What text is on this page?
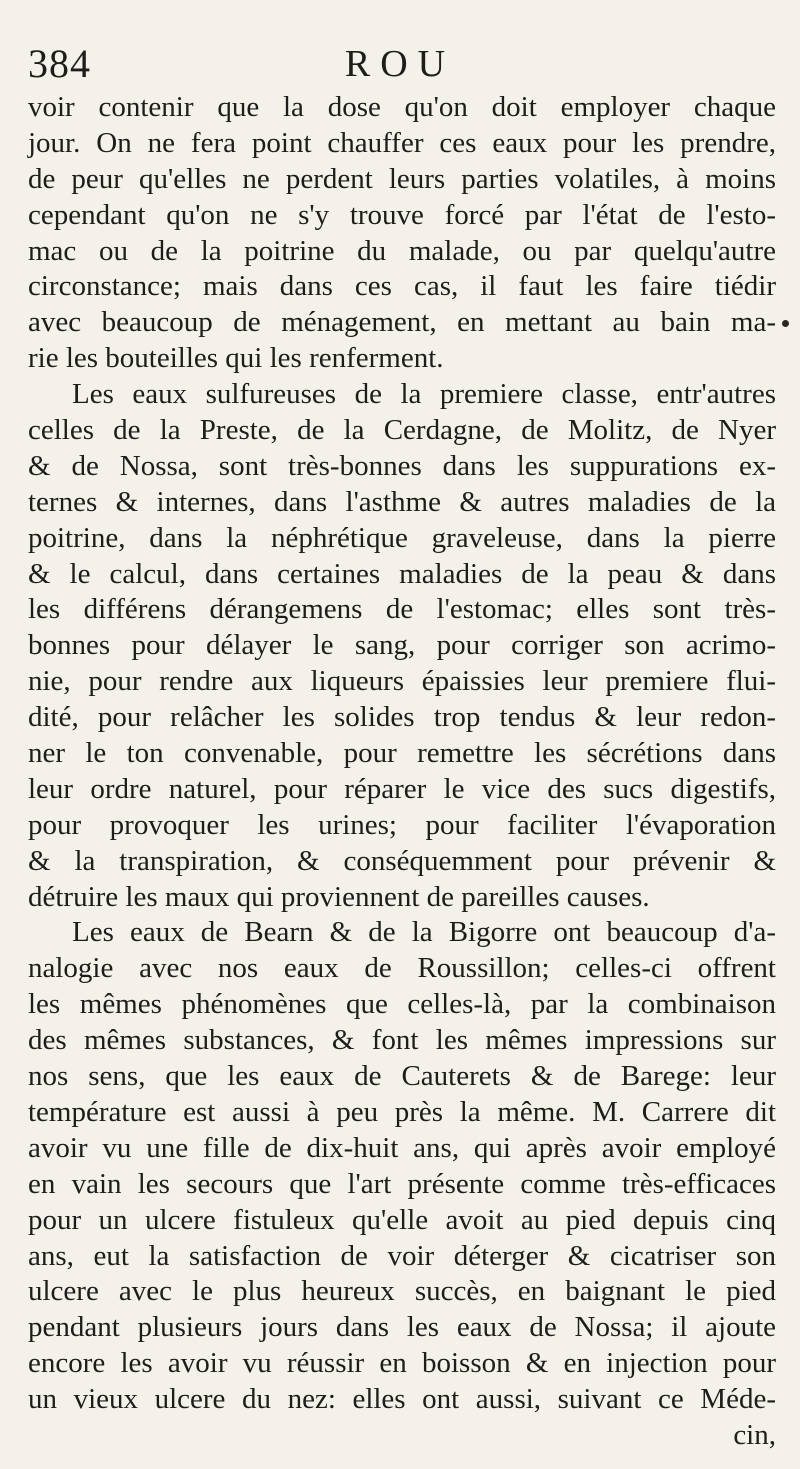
384	ROU
voir contenir que la dose qu'on doit employer chaque
jour. On ne fera point chauffer ces eaux pour les prendre,
de peur qu'elles ne perdent leurs parties volatiles, à moins
cependant qu'on ne s'y trouve forcé par l'état de l'esto-
mac ou de la poitrine du malade, ou par quelqu'autre
circonstance; mais dans ces cas, il faut les faire tiédir
avec beaucoup de ménagement, en mettant au bain ma-
rie les bouteilles qui les renferment.
Les eaux sulfureuses de la premiere classe, entr'autres
celles de la Preste, de la Cerdagne, de Molitz, de Nyer
& de Nossa, sont très-bonnes dans les suppurations ex-
ternes & internes, dans l'asthme & autres maladies de la
poitrine, dans la néphrétique graveleuse, dans la pierre
& le calcul, dans certaines maladies de la peau & dans
les différens dérangemens de l'estomac; elles sont très-
bonnes pour délayer le sang, pour corriger son acrimo-
nie, pour rendre aux liqueurs épaissies leur premiere flui-
dité, pour relâcher les solides trop tendus & leur redon-
ner le ton convenable, pour remettre les sécrétions dans
leur ordre naturel, pour réparer le vice des sucs digestifs,
pour provoquer les urines; pour faciliter l'évaporation
& la transpiration, & conséquemment pour prévenir &
détruire les maux qui proviennent de pareilles causes.
Les eaux de Bearn & de la Bigorre ont beaucoup d'a-
nalogie avec nos eaux de Roussillon; celles-ci offrent
les mêmes phénomènes que celles-là, par la combinaison
des mêmes substances, & font les mêmes impressions sur
nos sens, que les eaux de Cauterets & de Barege: leur
température est aussi à peu près la même. M. Carrere dit
avoir vu une fille de dix-huit ans, qui après avoir employé
en vain les secours que l'art présente comme très-efficaces
pour un ulcere fistuleux qu'elle avoit au pied depuis cinq
ans, eut la satisfaction de voir déterger & cicatriser son
ulcere avec le plus heureux succès, en baignant le pied
pendant plusieurs jours dans les eaux de Nossa; il ajoute
encore les avoir vu réussir en boisson & en injection pour
un vieux ulcere du nez: elles ont aussi, suivant ce Méde-
cin,
